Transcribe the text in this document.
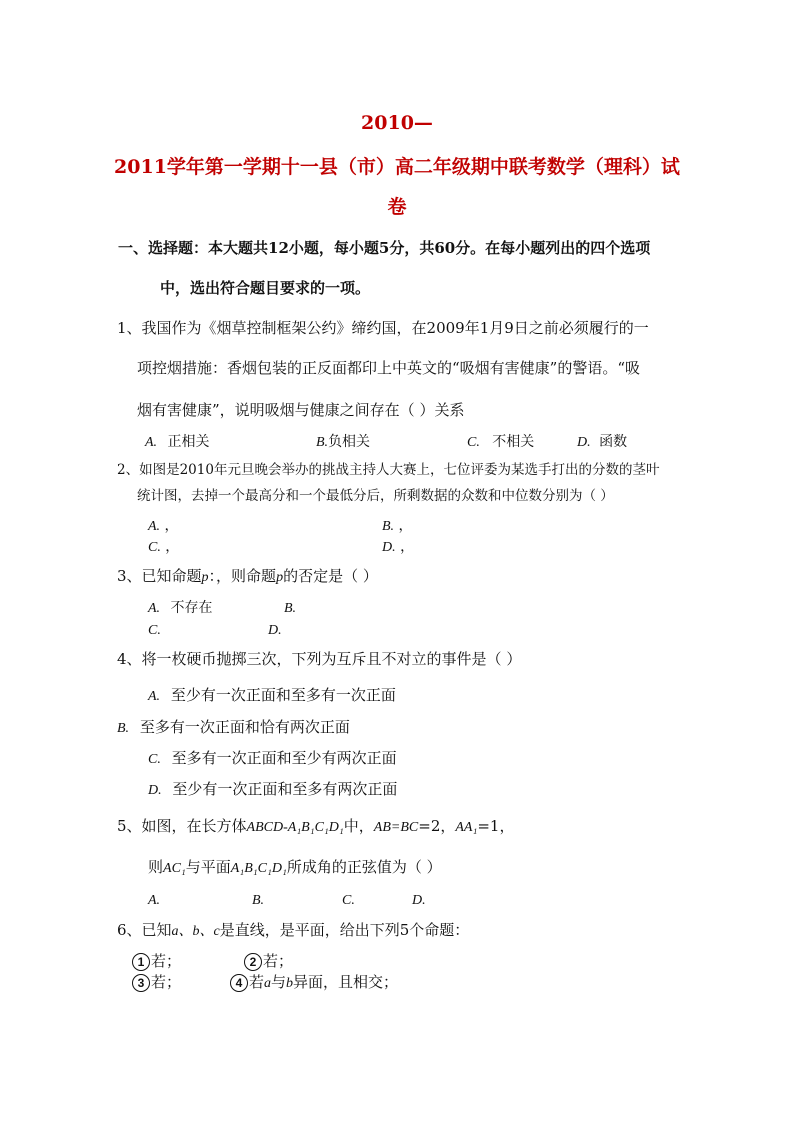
2010—
2011学年第一学期十一县（市）高二年级期中联考数学（理科）试
卷
一、选择题：本大题共12小题，每小题5分，共60分。在每小题列出的四个选项
中，选出符合题目要求的一项。
1、我国作为《烟草控制框架公约》缔约国，在2009年1月9日之前必须履行的一
项控烟措施：香烟包装的正反面都印上中英文的“吸烟有害健康”的警语。“吸
烟有害健康”，说明吸烟与健康之间存在（ ）关系
A. 正相关	B.负相关	C. 不相关	D. 函数
2、如图是2010年元旦晚会举办的挑战主持人大赛上，七位评委为某选手打出的分数的茎叶
统计图，去掉一个最高分和一个最低分后，所剩数据的众数和中位数分别为（ ）
A. ，	B. ，
C. ，	D. ，
3、已知命题p：，则命题p的否定是（ ）
A. 不存在	B.
C.	D.
4、将一枚硬币抛掷三次，下列为互斥且不对立的事件是（ ）
A. 至少有一次正面和至多有一次正面
B. 至多有一次正面和恰有两次正面
C. 至多有一次正面和至少有两次正面
D. 至少有一次正面和至多有两次正面
5、如图，在长方体ABCD-A₁B₁C₁D₁中，AB=BC=2，AA₁=1，
则AC₁与平面A₁B₁C₁D₁所成角的正弦值为（ ）
A.	B.	C.	D.
6、已知a、b、c是直线，是平面，给出下列5个命题：
1 若；	2 若；
3 若；	4 若a与b异面，且相交；
